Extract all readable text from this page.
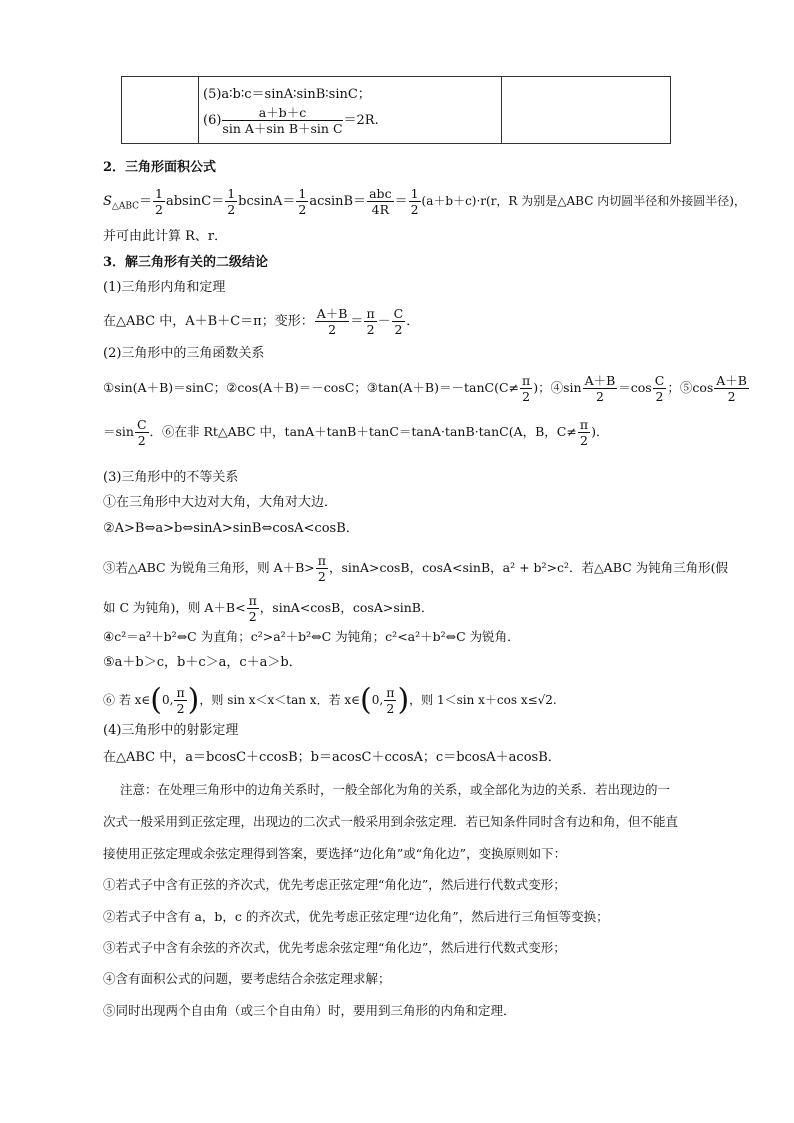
(5)a∶b∶c＝sinA∶sinB∶sinC；
$(6) \frac{a+b+c}{\text{sin A＋sin B＋sin C}} =2R$.

2．三角形面积公式
$S_{\triangle ABC}= \frac{1}{2} absinC= \frac{1}{2} bcsinA= \frac{1}{2} acsinB= \frac{\text{abc}}{4R} = \frac{1}{2} (a+b+c)\cdot r(r$，R 为别是△ABC 内切圆半径和外接圆半径)，
并可由此计算 R、r．
3．解三角形有关的二级结论
(1)三角形内角和定理
在△ABC 中，A＋B＋C＝π；变形： $\frac{A+B}{2} = \frac{\pi}{2} - \frac{C}{2}$ ．
(2)三角形中的三角函数关系
①sin(A＋B)＝sinC；②cos(A＋B)＝－cosC；③tan(A＋B)＝－tanC(C≠ $\frac{\pi}{2}$ )；④sin $\frac{A+B}{2} =\cos \frac{C}{2}$ ；⑤cos $\frac{A+B}{2}$
$=\sin \frac{C}{2}$ ．⑥在非 Rt△ABC 中，tanA＋tanB＋tanC＝tanA·tanB·tanC(A，B，$C\ne \frac{\pi}{2}$ )．
(3)三角形中的不等关系
①在三角形中大边对大角，大角对大边．
②A>B⇔a>b⇔sinA>sinB⇔cosA<cosB．
③若△ABC 为锐角三角形，则 $A+B> \frac{\pi}{2}$ ，sinA>cosB，cosA<sinB，a² + b²>c²．若△ABC 为钝角三角形(假
如 C 为钝角)，则 $A+B< \frac{\pi}{2}$ ，sinA<cosB，cosA>sinB．
④c²＝a²＋b²⇔C 为直角；c²>a²＋b²⇔C 为钝角；c²<a²＋b²⇔C 为锐角．
⑤a＋b＞c，b＋c＞a，c＋a＞b．
⑥ 若 x∈(0, $\frac{\pi}{2}$ )，则 sin x＜x＜tan x．若 x∈(0, $\frac{\pi}{2}$ )，则 1＜sin x＋cos x≤√2.
(4)三角形中的射影定理
在△ABC 中，a＝bcosC＋ccosB；b＝acosC＋ccosA；c＝bcosA＋acosB．
注意：在处理三角形中的边角关系时，一般全部化为角的关系，或全部化为边的关系．若出现边的一
次式一般采用到正弦定理，出现边的二次式一般采用到余弦定理．若已知条件同时含有边和角，但不能直
接使用正弦定理或余弦定理得到答案，要选择“边化角”或“角化边”，变换原则如下：
①若式子中含有正弦的齐次式，优先考虑正弦定理“角化边”，然后进行代数式变形；
②若式子中含有 a，b，c 的齐次式，优先考虑正弦定理“边化角”，然后进行三角恒等变换；
③若式子中含有余弦的齐次式，优先考虑余弦定理“角化边”，然后进行代数式变形；
④含有面积公式的问题，要考虑结合余弦定理求解；
⑤同时出现两个自由角（或三个自由角）时，要用到三角形的内角和定理．
